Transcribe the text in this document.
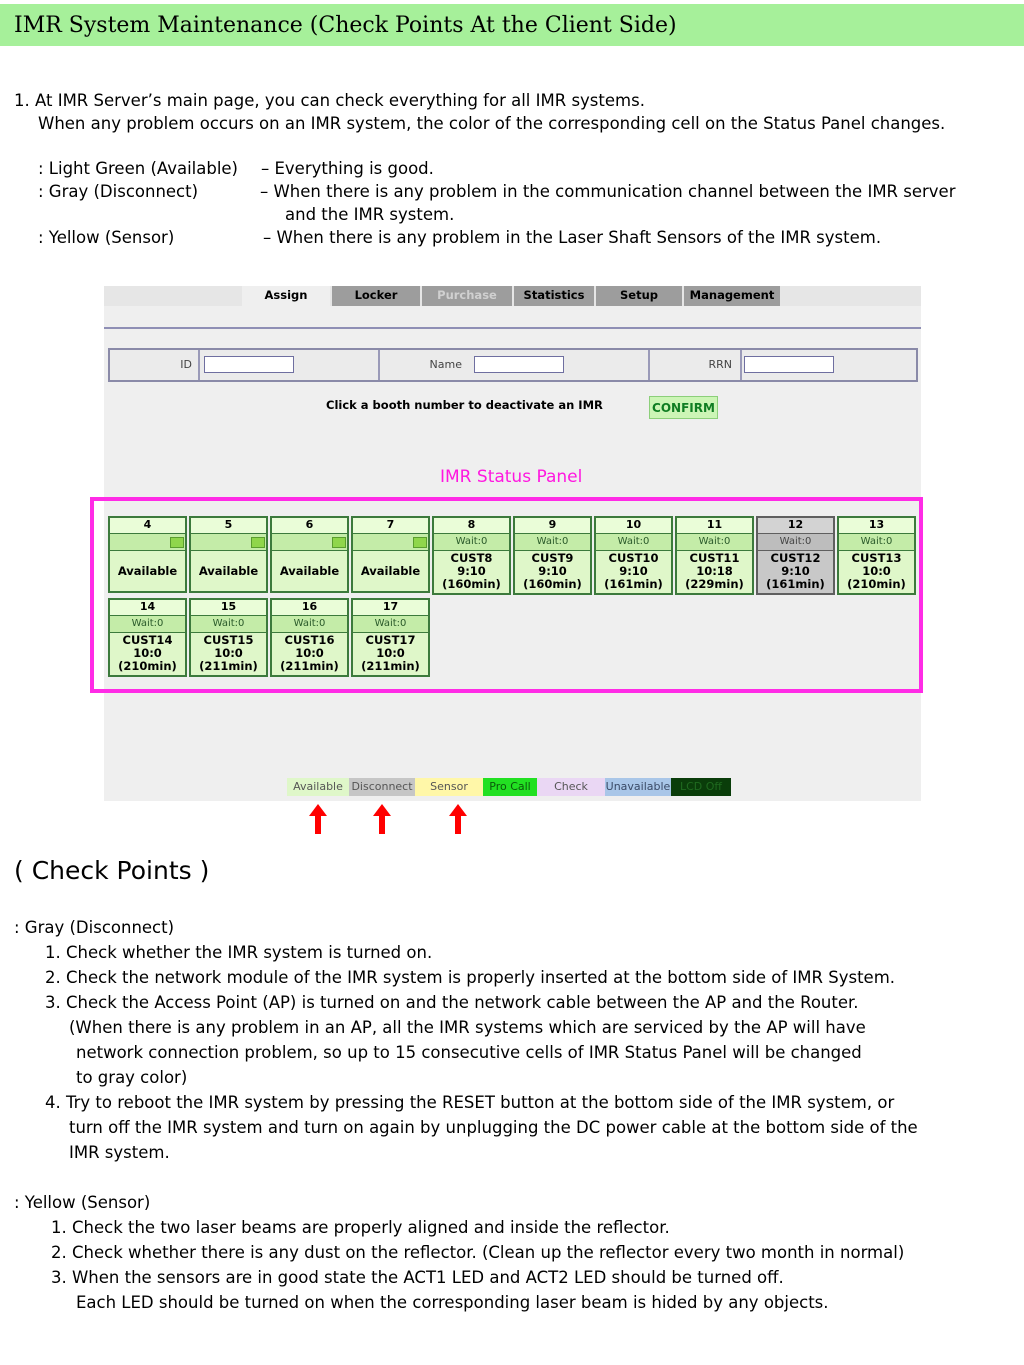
IMR System Maintenance (Check Points At the Client Side)
1. At IMR Server’s main page, you can check everything for all IMR systems.
When any problem occurs on an IMR system, the color of the corresponding cell on the Status Panel changes.
: Light Green (Available) – Everything is good.
: Gray (Disconnect)	– When there is any problem in the communication channel between the IMR server
and the IMR system.
: Yellow (Sensor)	– When there is any problem in the Laser Shaft Sensors of the IMR system.
Assign	Locker	Purchase	Statistics	Setup	Management
ID	Name	RRN
Click a booth number to deactivate an IMR	CONFIRM
IMR Status Panel
4
Available
5
Available
6
Available
7
Available
8
Wait:0
CUST8
9:10
(160min)
9
Wait:0
CUST9
9:10
(160min)
10
Wait:0
CUST10
9:10
(161min)
11
Wait:0
CUST11
10:18
(229min)
12
Wait:0
CUST12
9:10
(161min)
13
Wait:0
CUST13
10:0
(210min)
14
Wait:0
CUST14
10:0
(210min)
15
Wait:0
CUST15
10:0
(211min)
16
Wait:0
CUST16
10:0
(211min)
17
Wait:0
CUST17
10:0
(211min)
Available Disconnect	Sensor	Pro Call	Check	Unavailable LCD Off
( Check Points )
: Gray (Disconnect)
1. Check whether the IMR system is turned on.
2. Check the network module of the IMR system is properly inserted at the bottom side of IMR System.
3. Check the Access Point (AP) is turned on and the network cable between the AP and the Router.
(When there is any problem in an AP, all the IMR systems which are serviced by the AP will have
network connection problem, so up to 15 consecutive cells of IMR Status Panel will be changed
to gray color)
4. Try to reboot the IMR system by pressing the RESET button at the bottom side of the IMR system, or
turn off the IMR system and turn on again by unplugging the DC power cable at the bottom side of the
IMR system.
: Yellow (Sensor)
1. Check the two laser beams are properly aligned and inside the reflector.
2. Check whether there is any dust on the reflector. (Clean up the reflector every two month in normal)
3. When the sensors are in good state the ACT1 LED and ACT2 LED should be turned off.
Each LED should be turned on when the corresponding laser beam is hided by any objects.
